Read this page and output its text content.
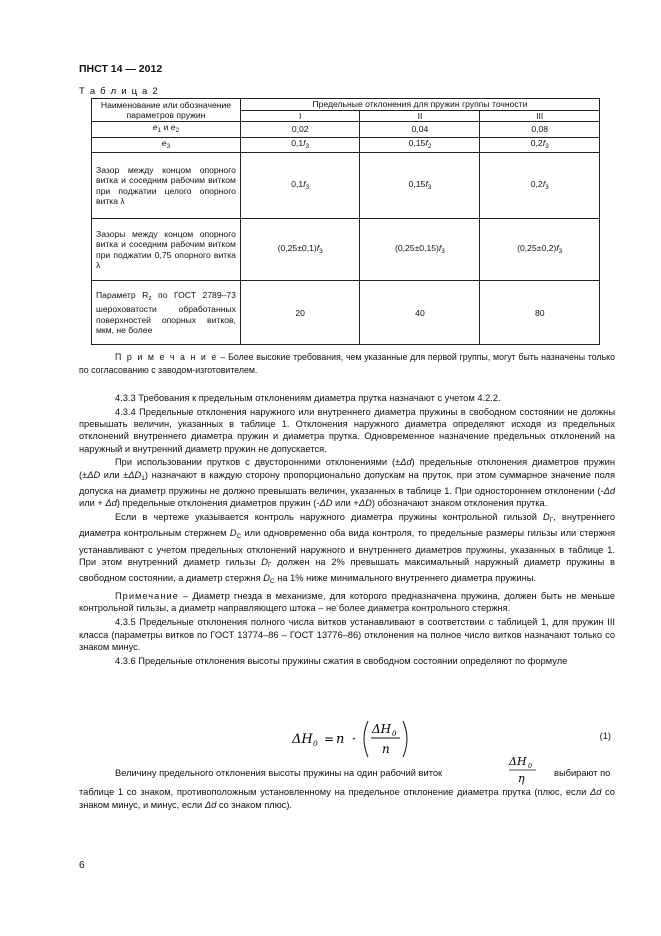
ПНСТ 14 — 2012
Т а б л и ц а 2
Наименование или обозначение параметров пружин	Предельные отклонения для пружин группы точности		
	I	II	III
$e_1$ и $e_2$	0,02	0,04	0,08
$e_3$	$0,1f_3$	$0,15f_2$	$0,2f_3$
Зазор между концом опорного витка и соседним рабочим витком при поджатии целого опорного витка λ	$0,1f_3$	$0,15f_3$	$0,2f_3$
Зазоры между концом опорного витка и соседним рабочим витком при поджатии 0,75 опорного витка λ	$(0,25\pm 0,1)f_3$	$(0,25\pm 0,15)f_3$	$(0,25\pm 0,2)f_3$
Параметр $R_z$ по ГОСТ 2789–73 шероховатости обработанных поверхностей опорных витков, мкм, не более	20	40	80
П р и м е ч а н и е – Более высокие требования, чем указанные для первой группы, могут быть назначены только по согласованию с заводом-изготовителем.

4.3.3 Требования к предельным отклонениям диаметра прутка назначают с учетом 4.2.2.

4.3.4 Предельные отклонения наружного или внутреннего диаметра пружины в свободном состоянии не должны превышать величин, указанных в таблице 1. Отклонения наружного диаметра определяют исходя из предельных отклонений внутреннего диаметра пружин и диаметра прутка. Одновременное назначение предельных отклонений на наружный и внутренний диаметр пружин не допускается.

При использовании прутков с двусторонними отклонениями (±Δd) предельные отклонения диаметров пружин (±ΔD или $\pm\Delta D_1$) назначают в каждую сторону пропорционально допускам на пруток, при этом суммарное значение поля допуска на диаметр пружины не должно превышать величин, указанных в таблице 1. При одностороннем отклонении (-Δd или + Δd) предельные отклонения диаметров пружин (-ΔD или +ΔD) обозначают знаком отклонения прутка.

Если в чертеже указывается контроль наружного диаметра пружины контрольной гильзой $D_Г$, внутреннего диаметра контрольным стержнем $D_C$ или одновременно оба вида контроля, то предельные размеры гильзы или стержня устанавливают с учетом предельных отклонений наружного и внутреннего диаметров пружины, указанных в таблице 1. При этом внутренний диаметр гильзы $D_Г$ должен на 2% превышать максимальный наружный диаметр пружины в свободном состоянии, а диаметр стержня $D_C$ на 1% ниже минимального внутреннего диаметра пружины.

Примечание – Диаметр гнезда в механизме, для которого предназначена пружина, должен быть не меньше контрольной гильзы, а диаметр направляющего штока – не более диаметра контрольного стержня.

4.3.5 Предельные отклонения полного числа витков устанавливают в соответствии с таблицей 1, для пружин III класса (параметры витков по ГОСТ 13774–86 – ГОСТ 13776–86) отклонения на полное число витков назначают только со знаком минус.

4.3.6 Предельные отклонения высоты пружины сжатия в свободном состоянии определяют по формуле

ΔH 0 = n ·
ΔH 0
n
(1)
Величину предельного отклонения высоты пружины на один рабочий виток
ΔH 0
η	выбирают по
таблице 1 со знаком, противоположным установленному на предельное отклонение диаметра прутка (плюс, если Δd со знаком минус, и минус, если Δd со знаком плюс).
6
